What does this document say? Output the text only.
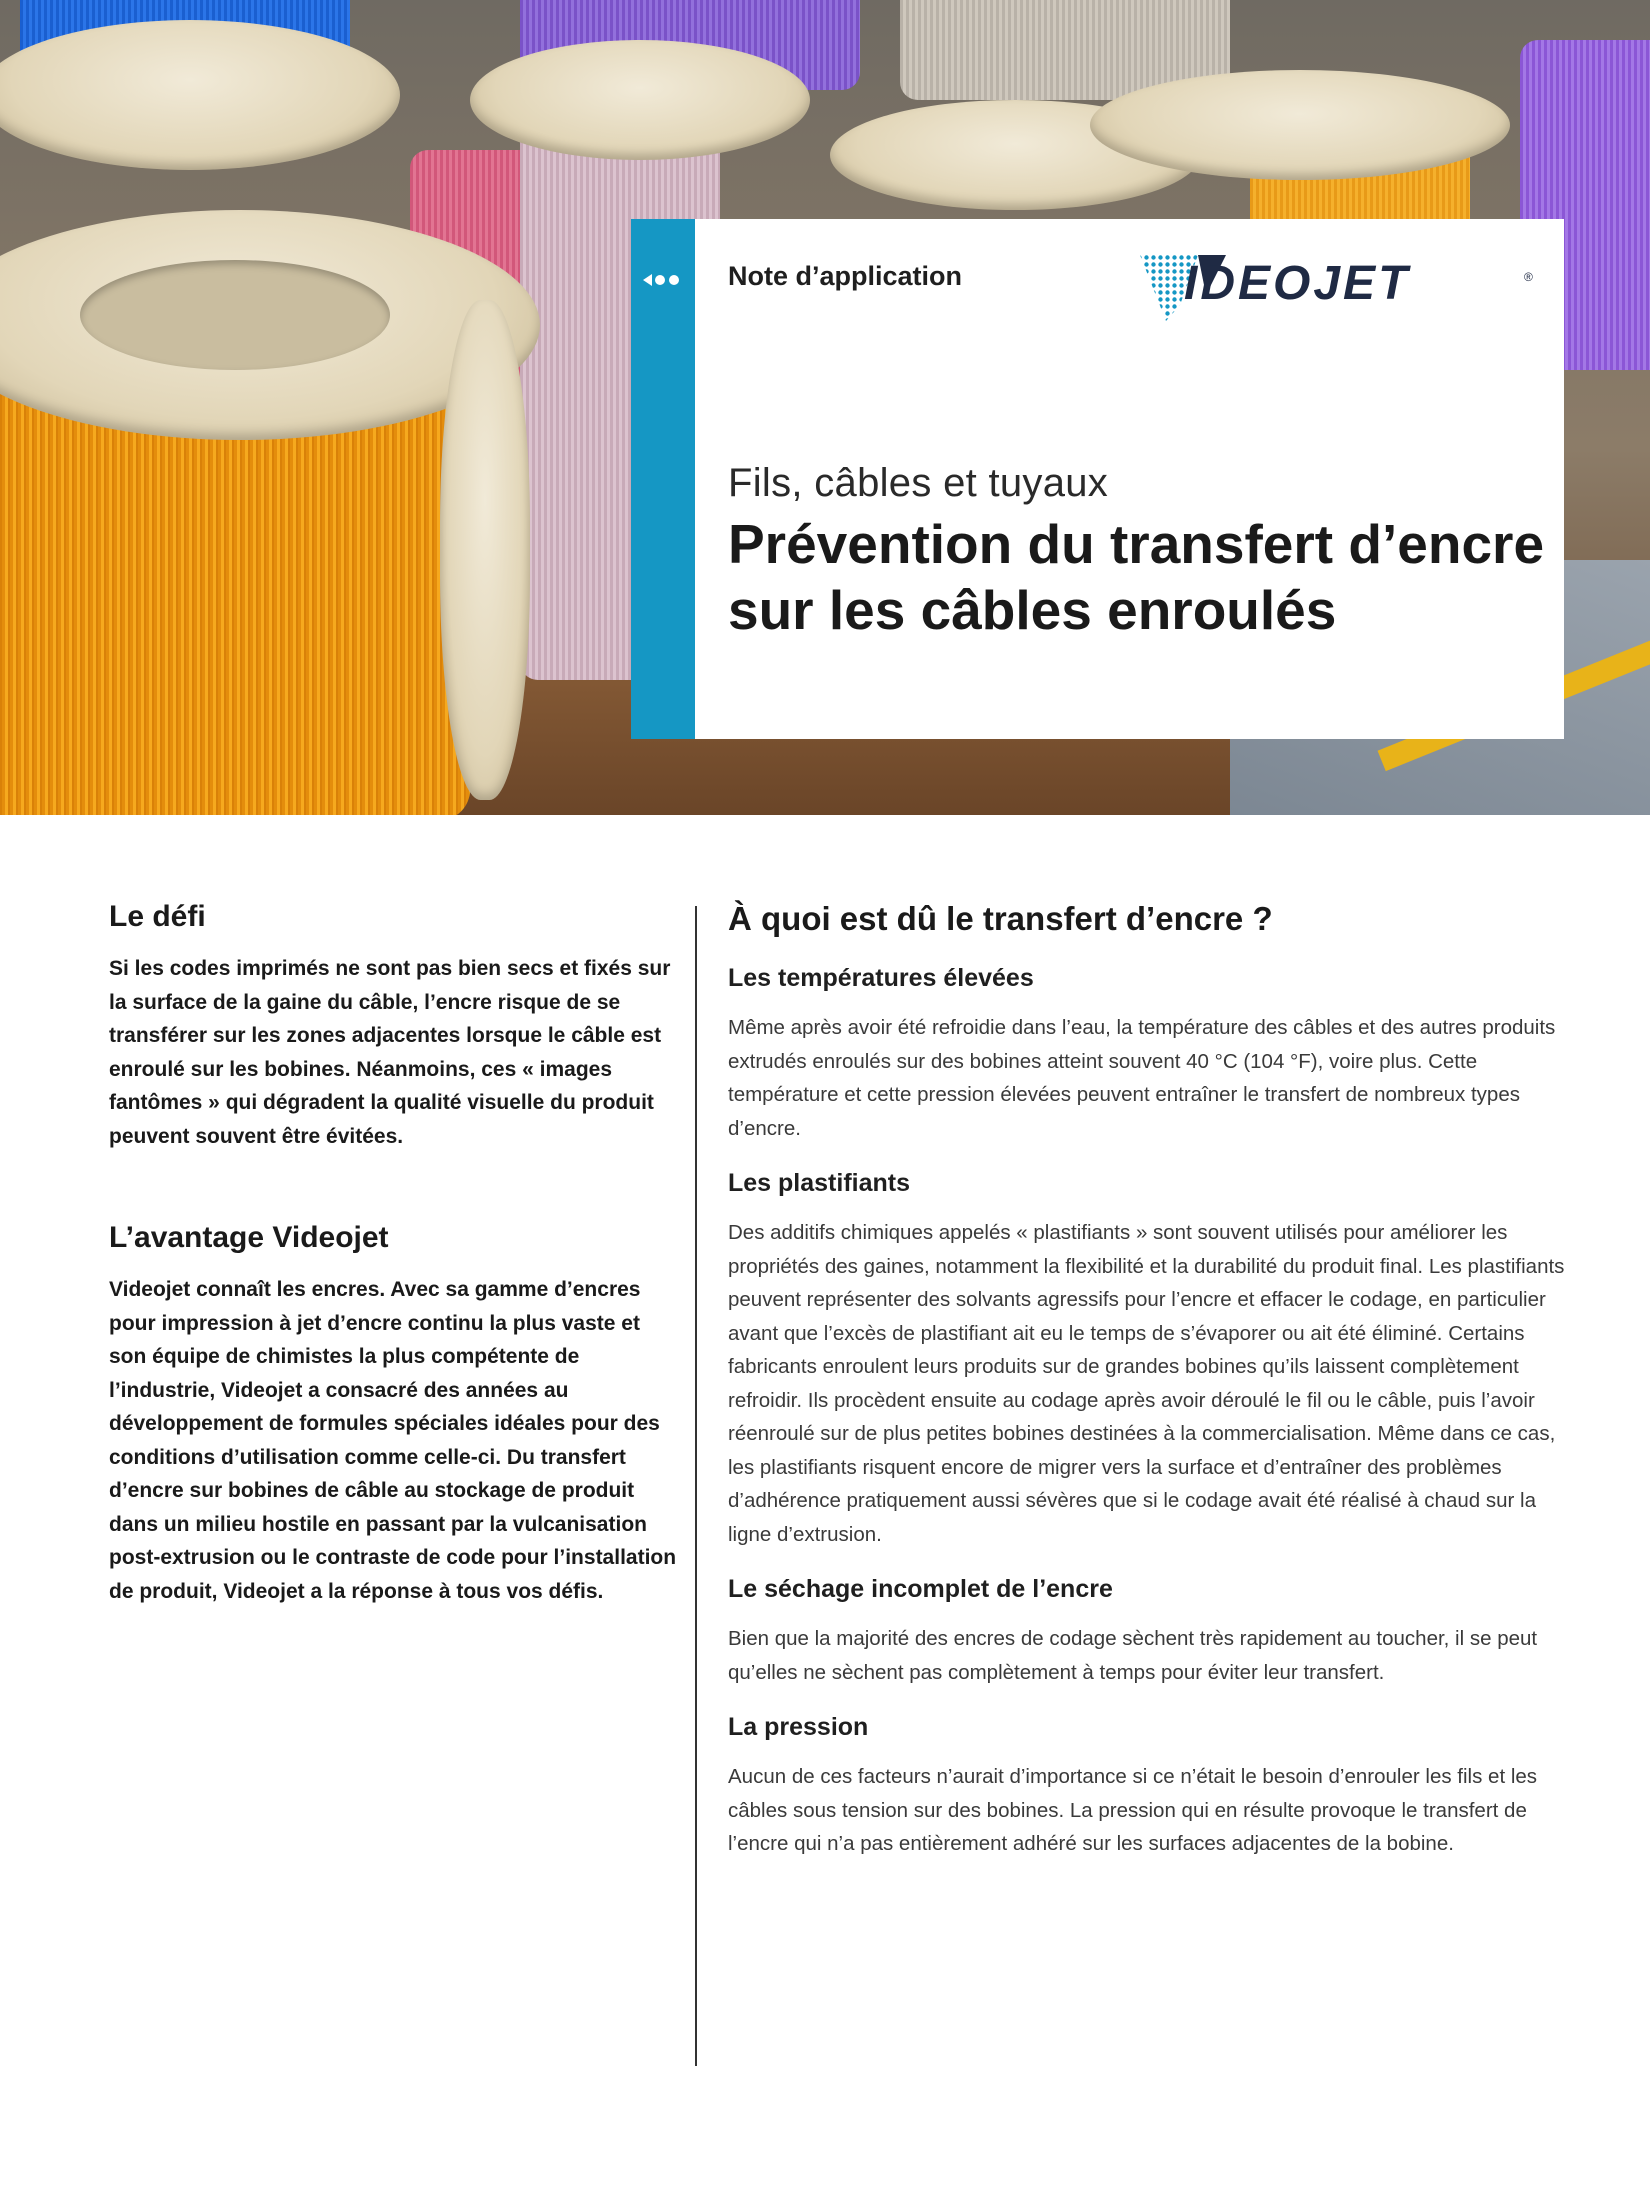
Note d’application	IDEOJET	®
Fils, câbles et tuyaux
Prévention du transfert d’encre sur les câbles enroulés
Le défi

Si les codes imprimés ne sont pas bien secs et fixés sur la surface de la gaine du câble, l’encre risque de se transférer sur les zones adjacentes lorsque le câble est enroulé sur les bobines. Néanmoins, ces « images fantômes » qui dégradent la qualité visuelle du produit peuvent souvent être évitées.

L’avantage Videojet

Videojet connaît les encres. Avec sa gamme d’encres pour impression à jet d’encre continu la plus vaste et son équipe de chimistes la plus compétente de l’industrie, Videojet a consacré des années au développement de formules spéciales idéales pour des conditions d’utilisation comme celle-ci. Du transfert d’encre sur bobines de câble au stockage de produit dans un milieu hostile en passant par la vulcanisation post-extrusion ou le contraste de code pour l’installation de produit, Videojet a la réponse à tous vos défis.

À quoi est dû le transfert d’encre ?
Les températures élevées

Même après avoir été refroidie dans l’eau, la température des câbles et des autres produits extrudés enroulés sur des bobines atteint souvent 40 °C (104 °F), voire plus. Cette température et cette pression élevées peuvent entraîner le transfert de nombreux types d’encre.

Les plastifiants

Des additifs chimiques appelés « plastifiants » sont souvent utilisés pour améliorer les propriétés des gaines, notamment la flexibilité et la durabilité du produit final. Les plastifiants peuvent représenter des solvants agressifs pour l’encre et effacer le codage, en particulier avant que l’excès de plastifiant ait eu le temps de s’évaporer ou ait été éliminé. Certains fabricants enroulent leurs produits sur de grandes bobines qu’ils laissent complètement refroidir. Ils procèdent ensuite au codage après avoir déroulé le fil ou le câble, puis l’avoir réenroulé sur de plus petites bobines destinées à la commercialisation. Même dans ce cas, les plastifiants risquent encore de migrer vers la surface et d’entraîner des problèmes d’adhérence pratiquement aussi sévères que si le codage avait été réalisé à chaud sur la ligne d’extrusion.

Le séchage incomplet de l’encre

Bien que la majorité des encres de codage sèchent très rapidement au toucher, il se peut qu’elles ne sèchent pas complètement à temps pour éviter leur transfert.

La pression

Aucun de ces facteurs n’aurait d’importance si ce n’était le besoin d’enrouler les fils et les câbles sous tension sur des bobines. La pression qui en résulte provoque le transfert de l’encre qui n’a pas entièrement adhéré sur les surfaces adjacentes de la bobine.
